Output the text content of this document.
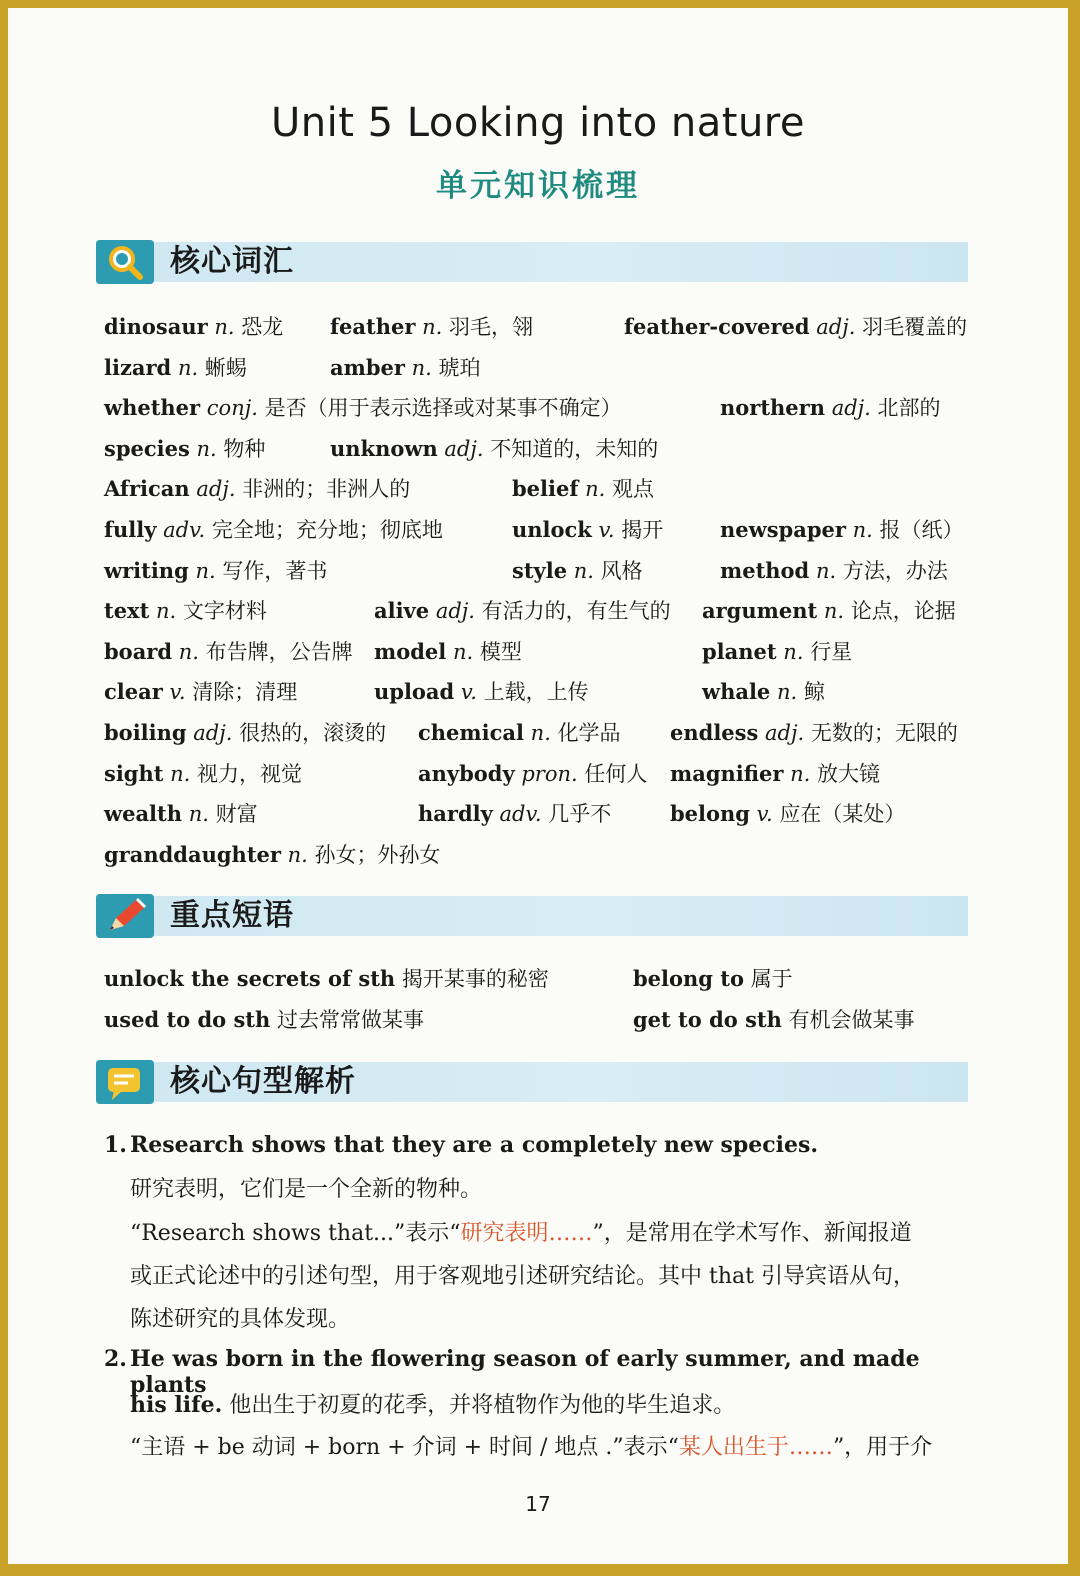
Unit 5 Looking into nature
单元知识梳理
核心词汇
dinosaur n. 恐龙 feather n. 羽毛，翎	feather-covered adj. 羽毛覆盖的
lizard n. 蜥蜴	amber n. 琥珀
whether conj. 是否（用于表示选择或对某事不确定）	northern adj. 北部的
species n. 物种	unknown adj. 不知道的，未知的
African adj. 非洲的；非洲人的	belief n. 观点
fully adv. 完全地；充分地；彻底地	unlock v. 揭开	newspaper n. 报（纸）
writing n. 写作，著书	style n. 风格	method n. 方法，办法
text n. 文字材料	alive adj. 有活力的，有生气的 argument n. 论点，论据
board n. 布告牌，公告牌 model n. 模型	planet n. 行星
clear v. 清除；清理	upload v. 上载，上传	whale n. 鲸
boiling adj. 很热的，滚烫的 chemical n. 化学品 endless adj. 无数的；无限的
sight n. 视力，视觉	anybody pron. 任何人 magnifier n. 放大镜
wealth n. 财富	hardly adv. 几乎不	belong v. 应在（某处）
granddaughter n. 孙女；外孙女
重点短语
unlock the secrets of sth 揭开某事的秘密	belong to 属于
used to do sth 过去常常做某事	get to do sth 有机会做某事
核心句型解析
1. Research shows that they are a completely new species.
研究表明，它们是一个全新的物种。
“Research shows that...”表示“研究表明……”，是常用在学术写作、新闻报道
或正式论述中的引述句型，用于客观地引述研究结论。其中 that 引导宾语从句，
陈述研究的具体发现。
2. He was born in the flowering season of early summer, and made plants
his life. 他出生于初夏的花季，并将植物作为他的毕生追求。
“主语 + be 动词 + born + 介词 + 时间 / 地点 .”表示“某人出生于……”，用于介
17
